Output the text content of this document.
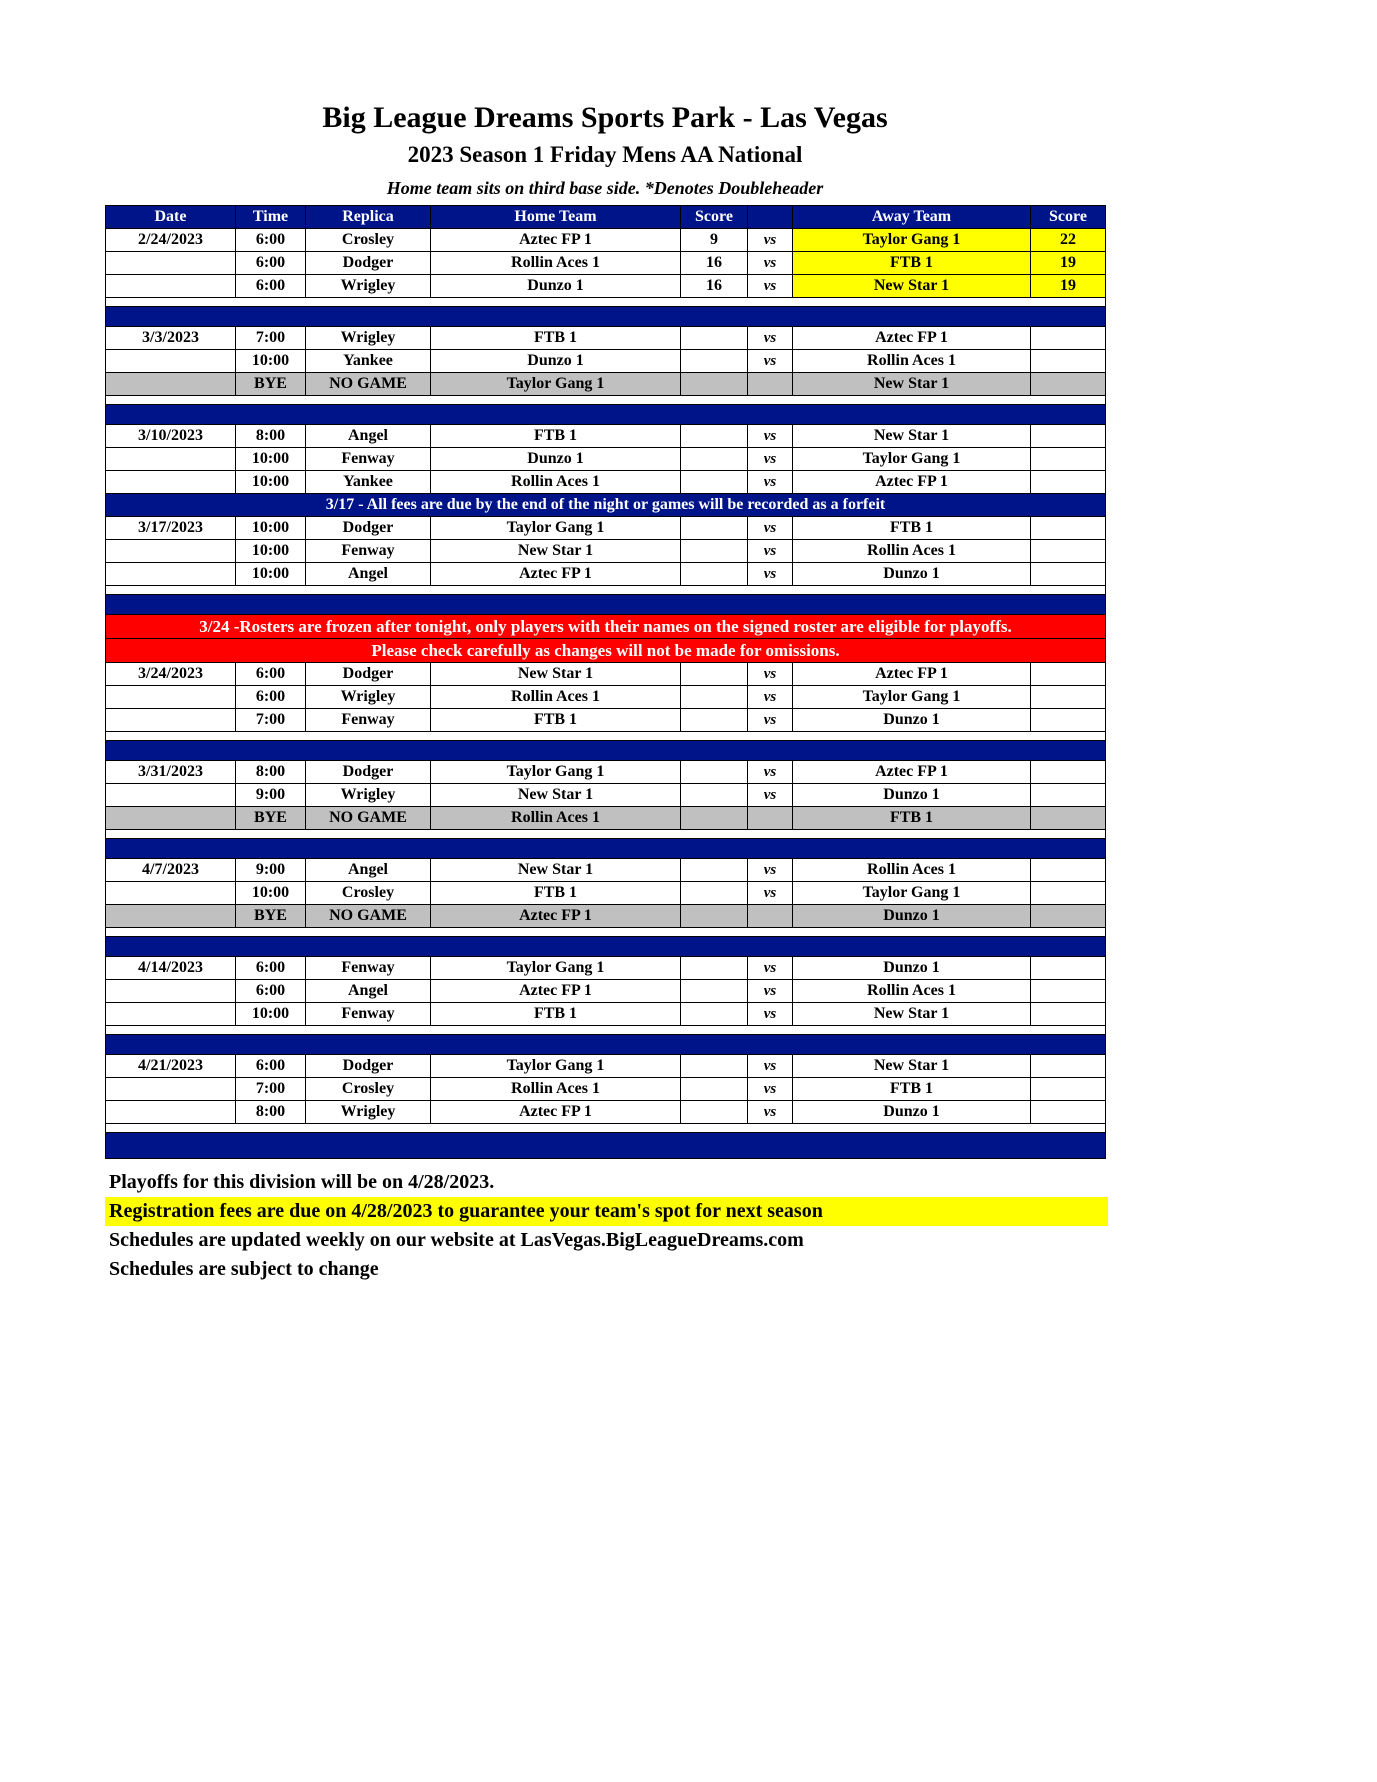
Big League Dreams Sports Park - Las Vegas
2023 Season 1 Friday Mens AA National
Home team sits on third base side. *Denotes Doubleheader
Date	Time	Replica	Home Team	Score		Away Team	Score
2/24/2023	6:00	Crosley	Aztec FP 1	9	vs	Taylor Gang 1	22
	6:00	Dodger	Rollin Aces 1	16	vs	FTB 1	19
	6:00	Wrigley	Dunzo 1	16	vs	New Star 1	19

3/3/2023	7:00	Wrigley	FTB 1		vs	Aztec FP 1	
	10:00	Yankee	Dunzo 1		vs	Rollin Aces 1	
	BYE	NO GAME	Taylor Gang 1			New Star 1	

3/10/2023	8:00	Angel	FTB 1		vs	New Star 1	
	10:00	Fenway	Dunzo 1		vs	Taylor Gang 1	
	10:00	Yankee	Rollin Aces 1		vs	Aztec FP 1	
3/17 - All fees are due by the end of the night or games will be recorded as a forfeit							
3/17/2023	10:00	Dodger	Taylor Gang 1		vs	FTB 1	
	10:00	Fenway	New Star 1		vs	Rollin Aces 1	
	10:00	Angel	Aztec FP 1		vs	Dunzo 1	

3/24 -Rosters are frozen after tonight, only players with their names on the signed roster are eligible for playoffs.							
Please check carefully as changes will not be made for omissions.							
3/24/2023	6:00	Dodger	New Star 1		vs	Aztec FP 1	
	6:00	Wrigley	Rollin Aces 1		vs	Taylor Gang 1	
	7:00	Fenway	FTB 1		vs	Dunzo 1	

3/31/2023	8:00	Dodger	Taylor Gang 1		vs	Aztec FP 1	
	9:00	Wrigley	New Star 1		vs	Dunzo 1	
	BYE	NO GAME	Rollin Aces 1			FTB 1	

4/7/2023	9:00	Angel	New Star 1		vs	Rollin Aces 1	
	10:00	Crosley	FTB 1		vs	Taylor Gang 1	
	BYE	NO GAME	Aztec FP 1			Dunzo 1	

4/14/2023	6:00	Fenway	Taylor Gang 1		vs	Dunzo 1	
	6:00	Angel	Aztec FP 1		vs	Rollin Aces 1	
	10:00	Fenway	FTB 1		vs	New Star 1	

4/21/2023	6:00	Dodger	Taylor Gang 1		vs	New Star 1	
	7:00	Crosley	Rollin Aces 1		vs	FTB 1	
	8:00	Wrigley	Aztec FP 1		vs	Dunzo 1	

Playoffs for this division will be on 4/28/2023.
Registration fees are due on 4/28/2023 to guarantee your team's spot for next season
Schedules are updated weekly on our website at LasVegas.BigLeagueDreams.com
Schedules are subject to change
